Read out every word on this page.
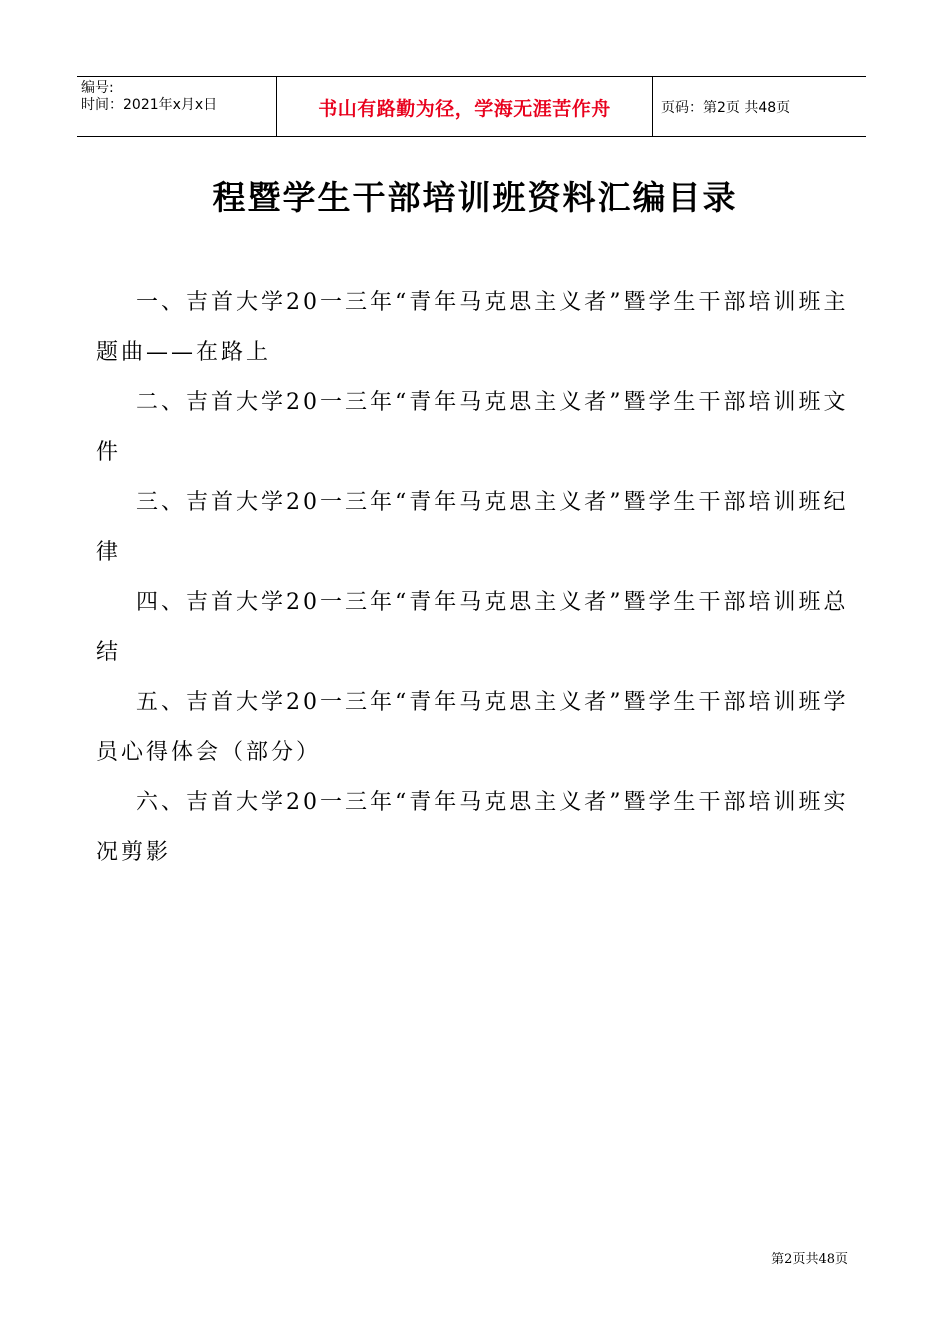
编号:
时间：2021年x月x日	书山有路勤为径，学海无涯苦作舟	页码：第2页 共48页
程暨学生干部培训班资料汇编目录

一、吉首大学20一三年“青年马克思主义者”暨学生干部培训班主题曲——在路上

二、吉首大学20一三年“青年马克思主义者”暨学生干部培训班文件

三、吉首大学20一三年“青年马克思主义者”暨学生干部培训班纪律

四、吉首大学20一三年“青年马克思主义者”暨学生干部培训班总结

五、吉首大学20一三年“青年马克思主义者”暨学生干部培训班学员心得体会（部分）

六、吉首大学20一三年“青年马克思主义者”暨学生干部培训班实况剪影

第2页共48页
